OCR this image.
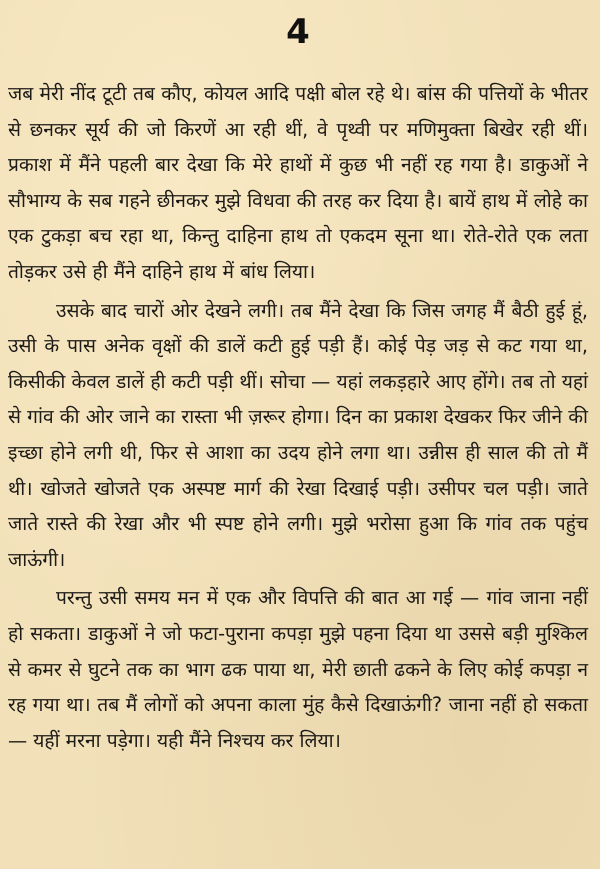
4

जब मेरी नींद टूटी तब कौए, कोयल आदि पक्षी बोल रहे थे। बांस की पत्तियों के भीतर से छनकर सूर्य की जो किरणें आ रही थीं, वे पृथ्वी पर मणिमुक्ता बिखेर रही थीं। प्रकाश में मैंने पहली बार देखा कि मेरे हाथों में कुछ भी नहीं रह गया है। डाकुओं ने सौभाग्य के सब गहने छीनकर मुझे विधवा की तरह कर दिया है। बायें हाथ में लोहे का एक टुकड़ा बच रहा था, किन्तु दाहिना हाथ तो एकदम सूना था। रोते-रोते एक लता तोड़कर उसे ही मैंने दाहिने हाथ में बांध लिया।

उसके बाद चारों ओर देखने लगी। तब मैंने देखा कि जिस जगह मैं बैठी हुई हूं, उसी के पास अनेक वृक्षों की डालें कटी हुई पड़ी हैं। कोई पेड़ जड़ से कट गया था, किसीकी केवल डालें ही कटी पड़ी थीं। सोचा — यहां लकड़हारे आए होंगे। तब तो यहां से गांव की ओर जाने का रास्ता भी ज़रूर होगा। दिन का प्रकाश देखकर फिर जीने की इच्छा होने लगी थी, फिर से आशा का उदय होने लगा था। उन्नीस ही साल की तो मैं थी। खोजते खोजते एक अस्पष्ट मार्ग की रेखा दिखाई पड़ी। उसीपर चल पड़ी। जाते जाते रास्ते की रेखा और भी स्पष्ट होने लगी। मुझे भरोसा हुआ कि गांव तक पहुंच जाऊंगी।

परन्तु उसी समय मन में एक और विपत्ति की बात आ गई — गांव जाना नहीं हो सकता। डाकुओं ने जो फटा-पुराना कपड़ा मुझे पहना दिया था उससे बड़ी मुश्किल से कमर से घुटने तक का भाग ढक पाया था, मेरी छाती ढकने के लिए कोई कपड़ा न रह गया था। तब मैं लोगों को अपना काला मुंह कैसे दिखाऊंगी? जाना नहीं हो सकता — यहीं मरना पड़ेगा। यही मैंने निश्चय कर लिया।
